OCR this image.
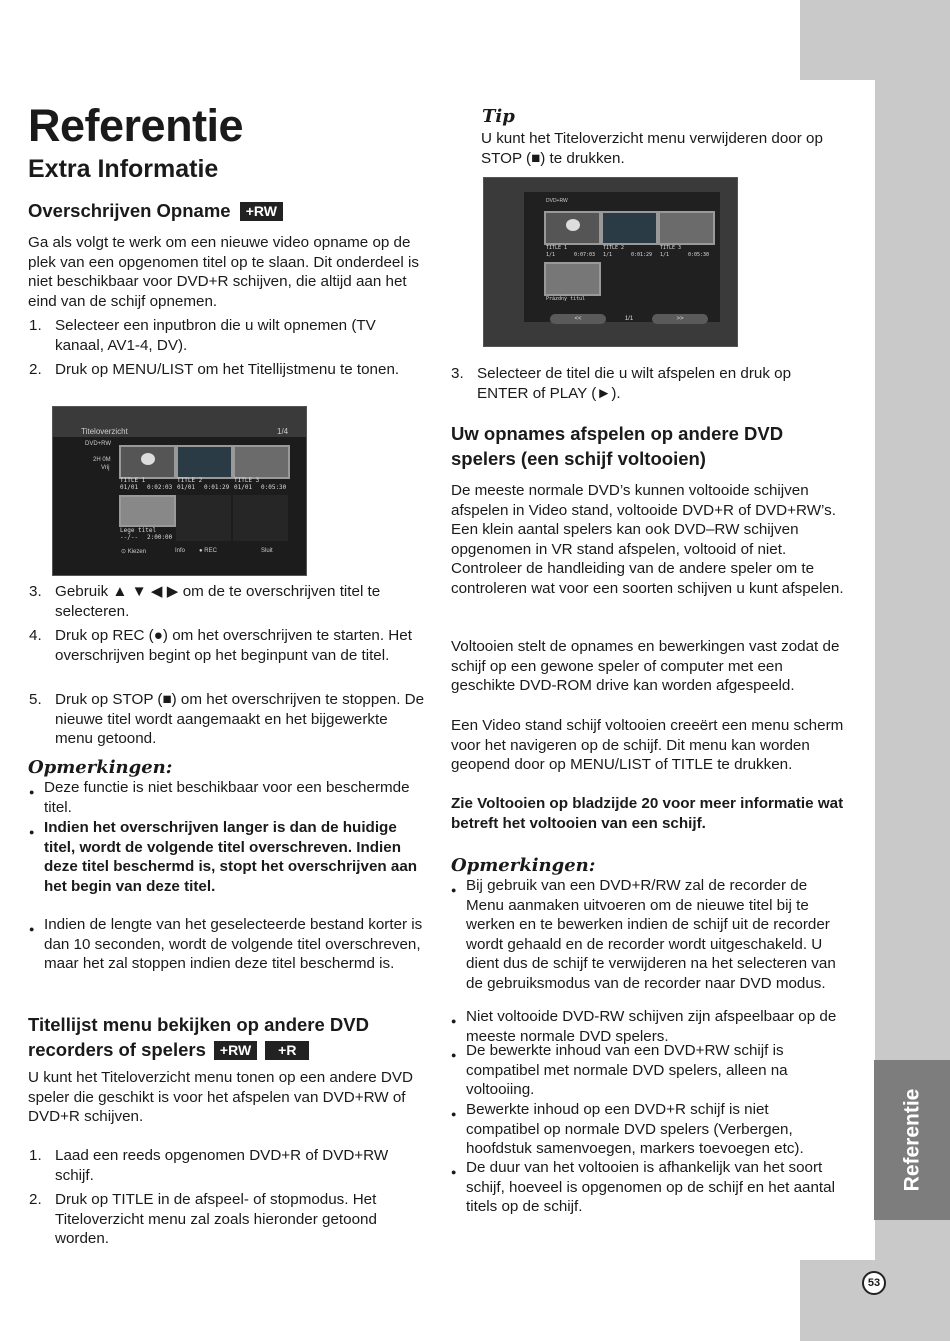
Referentie
53
Referentie
Extra Informatie
Overschrijven Opname +RW

Ga als volgt te werk om een nieuwe video opname op de plek van een opgenomen titel op te slaan. Dit onderdeel is niet beschikbaar voor DVD+R schijven, die altijd aan het eind van de schijf opnemen.

1. Selecteer een inputbron die u wilt opnemen (TV kanaal, AV1-4, DV).
2. Druk op MENU/LIST om het Titellijstmenu te tonen.
Titeloverzicht	1/4
DVD+RW
2H 0M
Vrij
TITLE 1
01/01 0:02:03
TITLE 2
01/01 0:01:29
TITLE 3
01/01 0:05:30
Lege titel
--/-- 2:00:00
⊙ Kiezen	Info ● REC	Sluit
3. Gebruik ▲ ▼ ◀ ▶ om de te overschrijven titel te selecteren.
4. Druk op REC (●) om het overschrijven te starten. Het overschrijven begint op het beginpunt van de titel.
5. Druk op STOP (■) om het overschrijven te stoppen. De nieuwe titel wordt aangemaakt en het bijgewerkte menu getoond.
Opmerkingen:
● Deze functie is niet beschikbaar voor een beschermde titel.
● Indien het overschrijven langer is dan de huidige titel, wordt de volgende titel overschreven. Indien deze titel beschermd is, stopt het overschrijven aan het begin van deze titel.
● Indien de lengte van het geselecteerde bestand korter is dan 10 seconden, wordt de volgende titel overschreven, maar het zal stoppen indien deze titel beschermd is.
Titellijst menu bekijken op andere DVD
recorders of spelers +RW +R

U kunt het Titeloverzicht menu tonen op een andere DVD speler die geschikt is voor het afspelen van DVD+RW of DVD+R schijven.

1. Laad een reeds opgenomen DVD+R of DVD+RW schijf.
2. Druk op TITLE in de afspeel- of stopmodus. Het Titeloverzicht menu zal zoals hieronder getoond worden.
Tip

U kunt het Titeloverzicht menu verwijderen door op STOP (■) te drukken.

DVD+RW
TITLE 1
1/1	0:07:03
TITLE 2
1/1	0:01:29
TITLE 3
1/1	0:05:30
Prázdný titul
<<	1/1	>>
3. Selecteer de titel die u wilt afspelen en druk op ENTER of PLAY (►).
Uw opnames afspelen op andere DVD
spelers (een schijf voltooien)

De meeste normale DVD’s kunnen voltooide schijven afspelen in Video stand, voltooide DVD+R of DVD+RW’s. Een klein aantal spelers kan ook DVD–RW schijven opgenomen in VR stand afspelen, voltooid of niet. Controleer de handleiding van de andere speler om te controleren wat voor een soorten schijven u kunt afspelen.

Voltooien stelt de opnames en bewerkingen vast zodat de schijf op een gewone speler of computer met een geschikte DVD-ROM drive kan worden afgespeeld.

Een Video stand schijf voltooien creeërt een menu scherm voor het navigeren op de schijf. Dit menu kan worden geopend door op MENU/LIST of TITLE te drukken.

Zie Voltooien op bladzijde 20 voor meer informatie wat betreft het voltooien van een schijf.

Opmerkingen:
● Bij gebruik van een DVD+R/RW zal de recorder de Menu aanmaken uitvoeren om de nieuwe titel bij te werken en te bewerken indien de schijf uit de recorder wordt gehaald en de recorder wordt uitgeschakeld. U dient dus de schijf te verwijderen na het selecteren van de gebruiksmodus van de recorder naar DVD modus.
● Niet voltooide DVD-RW schijven zijn afspeelbaar op de meeste normale DVD spelers.
● De bewerkte inhoud van een DVD+RW schijf is compatibel met normale DVD spelers, alleen na voltooiing.
● Bewerkte inhoud op een DVD+R schijf is niet compatibel op normale DVD spelers (Verbergen, hoofdstuk samenvoegen, markers toevoegen etc).
● De duur van het voltooien is afhankelijk van het soort schijf, hoeveel is opgenomen op de schijf en het aantal titels op de schijf.
